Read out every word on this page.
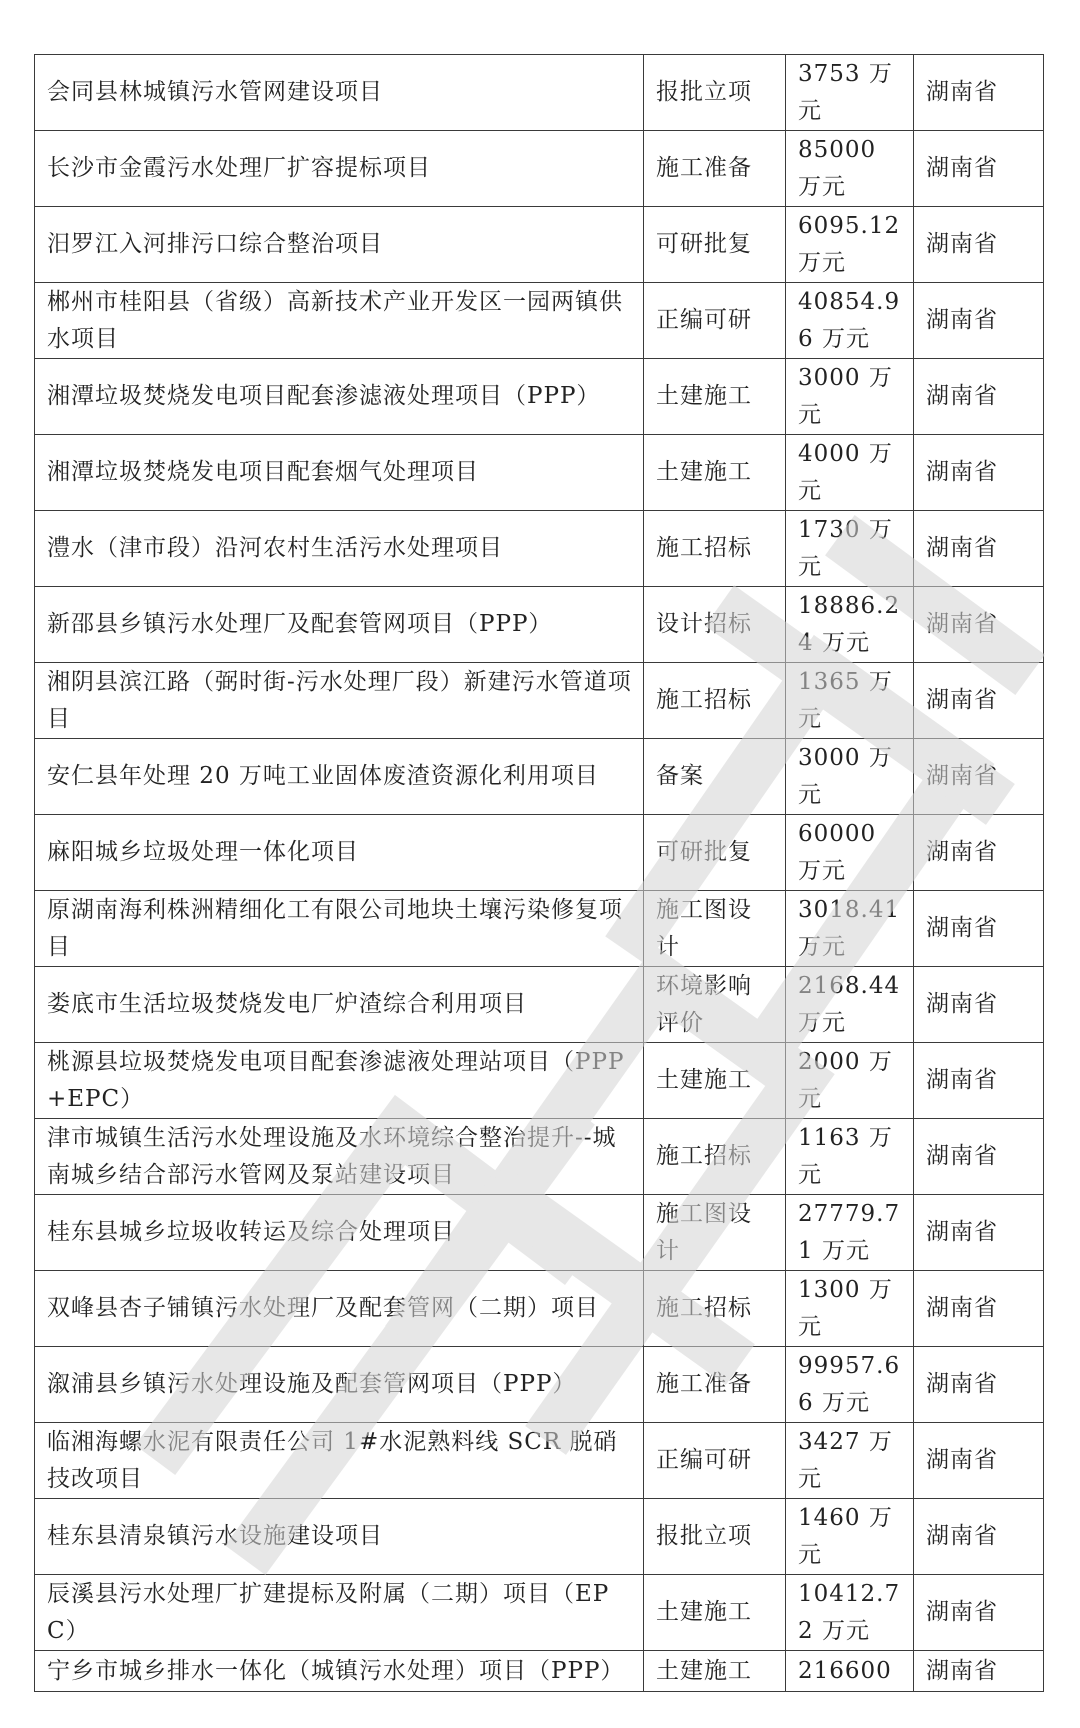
会同县林城镇污水管网建设项目	报批立项	3753 万元	湖南省
长沙市金霞污水处理厂扩容提标项目	施工准备	85000 万元	湖南省
汨罗江入河排污口综合整治项目	可研批复	6095.12 万元	湖南省
郴州市桂阳县（省级）高新技术产业开发区一园两镇供水项目	正编可研	40854.96 万元	湖南省
湘潭垃圾焚烧发电项目配套渗滤液处理项目（PPP）	土建施工	3000 万元	湖南省
湘潭垃圾焚烧发电项目配套烟气处理项目	土建施工	4000 万元	湖南省
澧水（津市段）沿河农村生活污水处理项目	施工招标	1730 万元	湖南省
新邵县乡镇污水处理厂及配套管网项目（PPP）	设计招标	18886.24 万元	湖南省
湘阴县滨江路（弼时街-污水处理厂段）新建污水管道项目	施工招标	1365 万元	湖南省
安仁县年处理 20 万吨工业固体废渣资源化利用项目	备案	3000 万元	湖南省
麻阳城乡垃圾处理一体化项目	可研批复	60000 万元	湖南省
原湖南海利株洲精细化工有限公司地块土壤污染修复项目	施工图设计	3018.41 万元	湖南省
娄底市生活垃圾焚烧发电厂炉渣综合利用项目	环境影响评价	2168.44 万元	湖南省
桃源县垃圾焚烧发电项目配套渗滤液处理站项目（PPP+EPC）	土建施工	2000 万元	湖南省
津市城镇生活污水处理设施及水环境综合整治提升--城南城乡结合部污水管网及泵站建设项目	施工招标	1163 万元	湖南省
桂东县城乡垃圾收转运及综合处理项目	施工图设计	27779.71 万元	湖南省
双峰县杏子铺镇污水处理厂及配套管网（二期）项目	施工招标	1300 万元	湖南省
溆浦县乡镇污水处理设施及配套管网项目（PPP）	施工准备	99957.66 万元	湖南省
临湘海螺水泥有限责任公司 1#水泥熟料线 SCR 脱硝技改项目	正编可研	3427 万元	湖南省
桂东县清泉镇污水设施建设项目	报批立项	1460 万元	湖南省
辰溪县污水处理厂扩建提标及附属（二期）项目（EPC）	土建施工	10412.72 万元	湖南省
宁乡市城乡排水一体化（城镇污水处理）项目（PPP）	土建施工	216600	湖南省
